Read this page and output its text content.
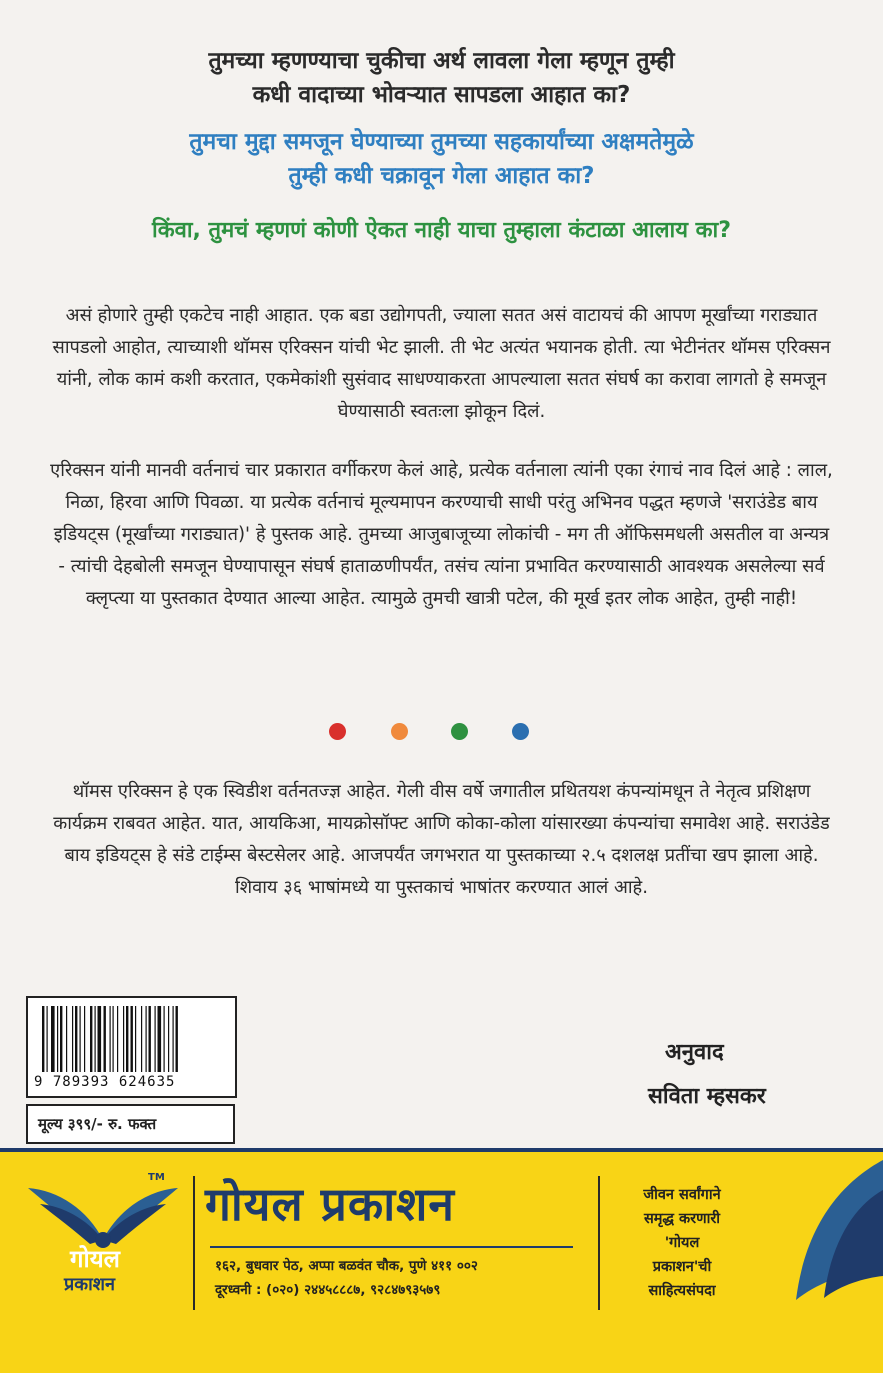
तुमच्या म्हणण्याचा चुकीचा अर्थ लावला गेला म्हणून तुम्ही
कधी वादाच्या भोवऱ्यात सापडला आहात का?
तुमचा मुद्दा समजून घेण्याच्या तुमच्या सहकार्यांच्या अक्षमतेमुळे
तुम्ही कधी चक्रावून गेला आहात का?
किंवा, तुमचं म्हणणं कोणी ऐकत नाही याचा तुम्हाला कंटाळा आलाय का?
असं होणारे तुम्ही एकटेच नाही आहात. एक बडा उद्योगपती, ज्याला सतत असं वाटायचं की आपण मूर्खांच्या गराड्यात सापडलो आहोत, त्याच्याशी थॉमस एरिक्सन यांची भेट झाली. ती भेट अत्यंत भयानक होती. त्या भेटीनंतर थॉमस एरिक्सन यांनी, लोक कामं कशी करतात, एकमेकांशी सुसंवाद साधण्याकरता आपल्याला सतत संघर्ष का करावा लागतो हे समजून घेण्यासाठी स्वतःला झोकून दिलं.
एरिक्सन यांनी मानवी वर्तनाचं चार प्रकारात वर्गीकरण केलं आहे, प्रत्येक वर्तनाला त्यांनी एका रंगाचं नाव दिलं आहे : लाल, निळा, हिरवा आणि पिवळा. या प्रत्येक वर्तनाचं मूल्यमापन करण्याची साधी परंतु अभिनव पद्धत म्हणजे 'सराउंडेड बाय इडियट्स (मूर्खांच्या गराड्यात)' हे पुस्तक आहे. तुमच्या आजुबाजूच्या लोकांची - मग ती ऑफिसमधली असतील वा अन्यत्र - त्यांची देहबोली समजून घेण्यापासून संघर्ष हाताळणीपर्यंत, तसंच त्यांना प्रभावित करण्यासाठी आवश्यक असलेल्या सर्व क्लृप्त्या या पुस्तकात देण्यात आल्या आहेत. त्यामुळे तुमची खात्री पटेल, की मूर्ख इतर लोक आहेत, तुम्ही नाही!
थॉमस एरिक्सन हे एक स्विडीश वर्तनतज्ज्ञ आहेत. गेली वीस वर्षे जगातील प्रथितयश कंपन्यांमधून ते नेतृत्व प्रशिक्षण कार्यक्रम राबवत आहेत. यात, आयकिआ, मायक्रोसॉफ्ट आणि कोका-कोला यांसारख्या कंपन्यांचा समावेश आहे. सराउंडेड बाय इडियट्स हे संडे टाईम्स बेस्टसेलर आहे. आजपर्यंत जगभरात या पुस्तकाच्या २.५ दशलक्ष प्रतींचा खप झाला आहे. शिवाय ३६ भाषांमध्ये या पुस्तकाचं भाषांतर करण्यात आलं आहे.
9 789393 624635
मूल्य ३९९/- रु. फक्त
अनुवाद
सविता म्हसकर
TM
गोयल
प्रकाशन
गोयल प्रकाशन
१६२, बुधवार पेठ, अप्पा बळवंत चौक, पुणे ४११ ००२
दूरध्वनी : (०२०) २४४५८८८७, ९२८४७९३५७९
जीवन सर्वांगाने
समृद्ध करणारी
'गोयल
प्रकाशन'ची
साहित्यसंपदा
